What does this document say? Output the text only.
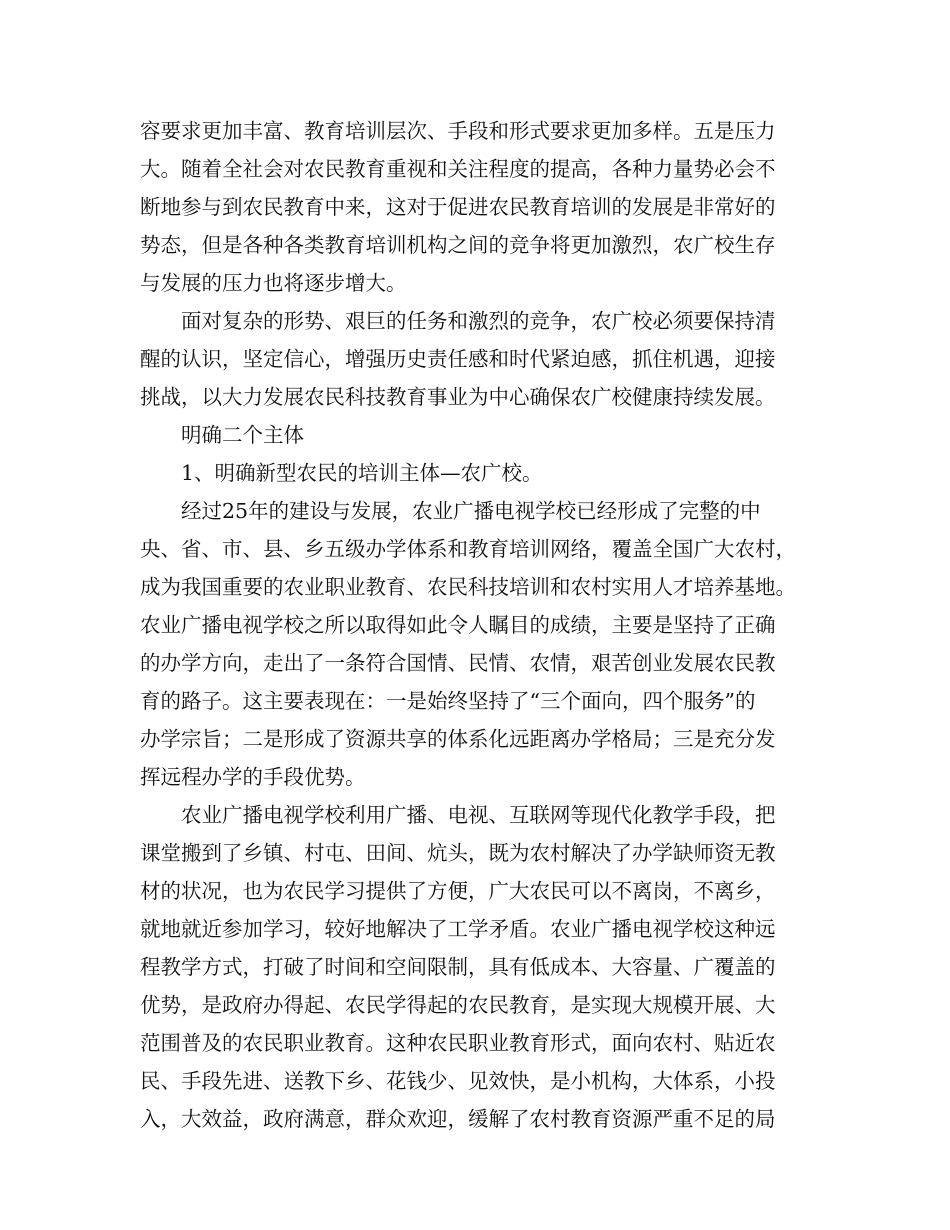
容要求更加丰富、教育培训层次、手段和形式要求更加多样。五是压力
大。随着全社会对农民教育重视和关注程度的提高，各种力量势必会不
断地参与到农民教育中来，这对于促进农民教育培训的发展是非常好的
势态，但是各种各类教育培训机构之间的竞争将更加激烈，农广校生存
与发展的压力也将逐步增大。
面对复杂的形势、艰巨的任务和激烈的竞争，农广校必须要保持清
醒的认识，坚定信心，增强历史责任感和时代紧迫感，抓住机遇，迎接
挑战，以大力发展农民科技教育事业为中心确保农广校健康持续发展。
明确二个主体
1、明确新型农民的培训主体—农广校。
经过25年的建设与发展，农业广播电视学校已经形成了完整的中
央、省、市、县、乡五级办学体系和教育培训网络，覆盖全国广大农村，
成为我国重要的农业职业教育、农民科技培训和农村实用人才培养基地。
农业广播电视学校之所以取得如此令人瞩目的成绩，主要是坚持了正确
的办学方向，走出了一条符合国情、民情、农情，艰苦创业发展农民教
育的路子。这主要表现在：一是始终坚持了“三个面向，四个服务”的
办学宗旨；二是形成了资源共享的体系化远距离办学格局；三是充分发
挥远程办学的手段优势。
农业广播电视学校利用广播、电视、互联网等现代化教学手段，把
课堂搬到了乡镇、村屯、田间、炕头，既为农村解决了办学缺师资无教
材的状况，也为农民学习提供了方便，广大农民可以不离岗，不离乡，
就地就近参加学习，较好地解决了工学矛盾。农业广播电视学校这种远
程教学方式，打破了时间和空间限制，具有低成本、大容量、广覆盖的
优势，是政府办得起、农民学得起的农民教育，是实现大规模开展、大
范围普及的农民职业教育。这种农民职业教育形式，面向农村、贴近农
民、手段先进、送教下乡、花钱少、见效快，是小机构，大体系，小投
入，大效益，政府满意，群众欢迎，缓解了农村教育资源严重不足的局
